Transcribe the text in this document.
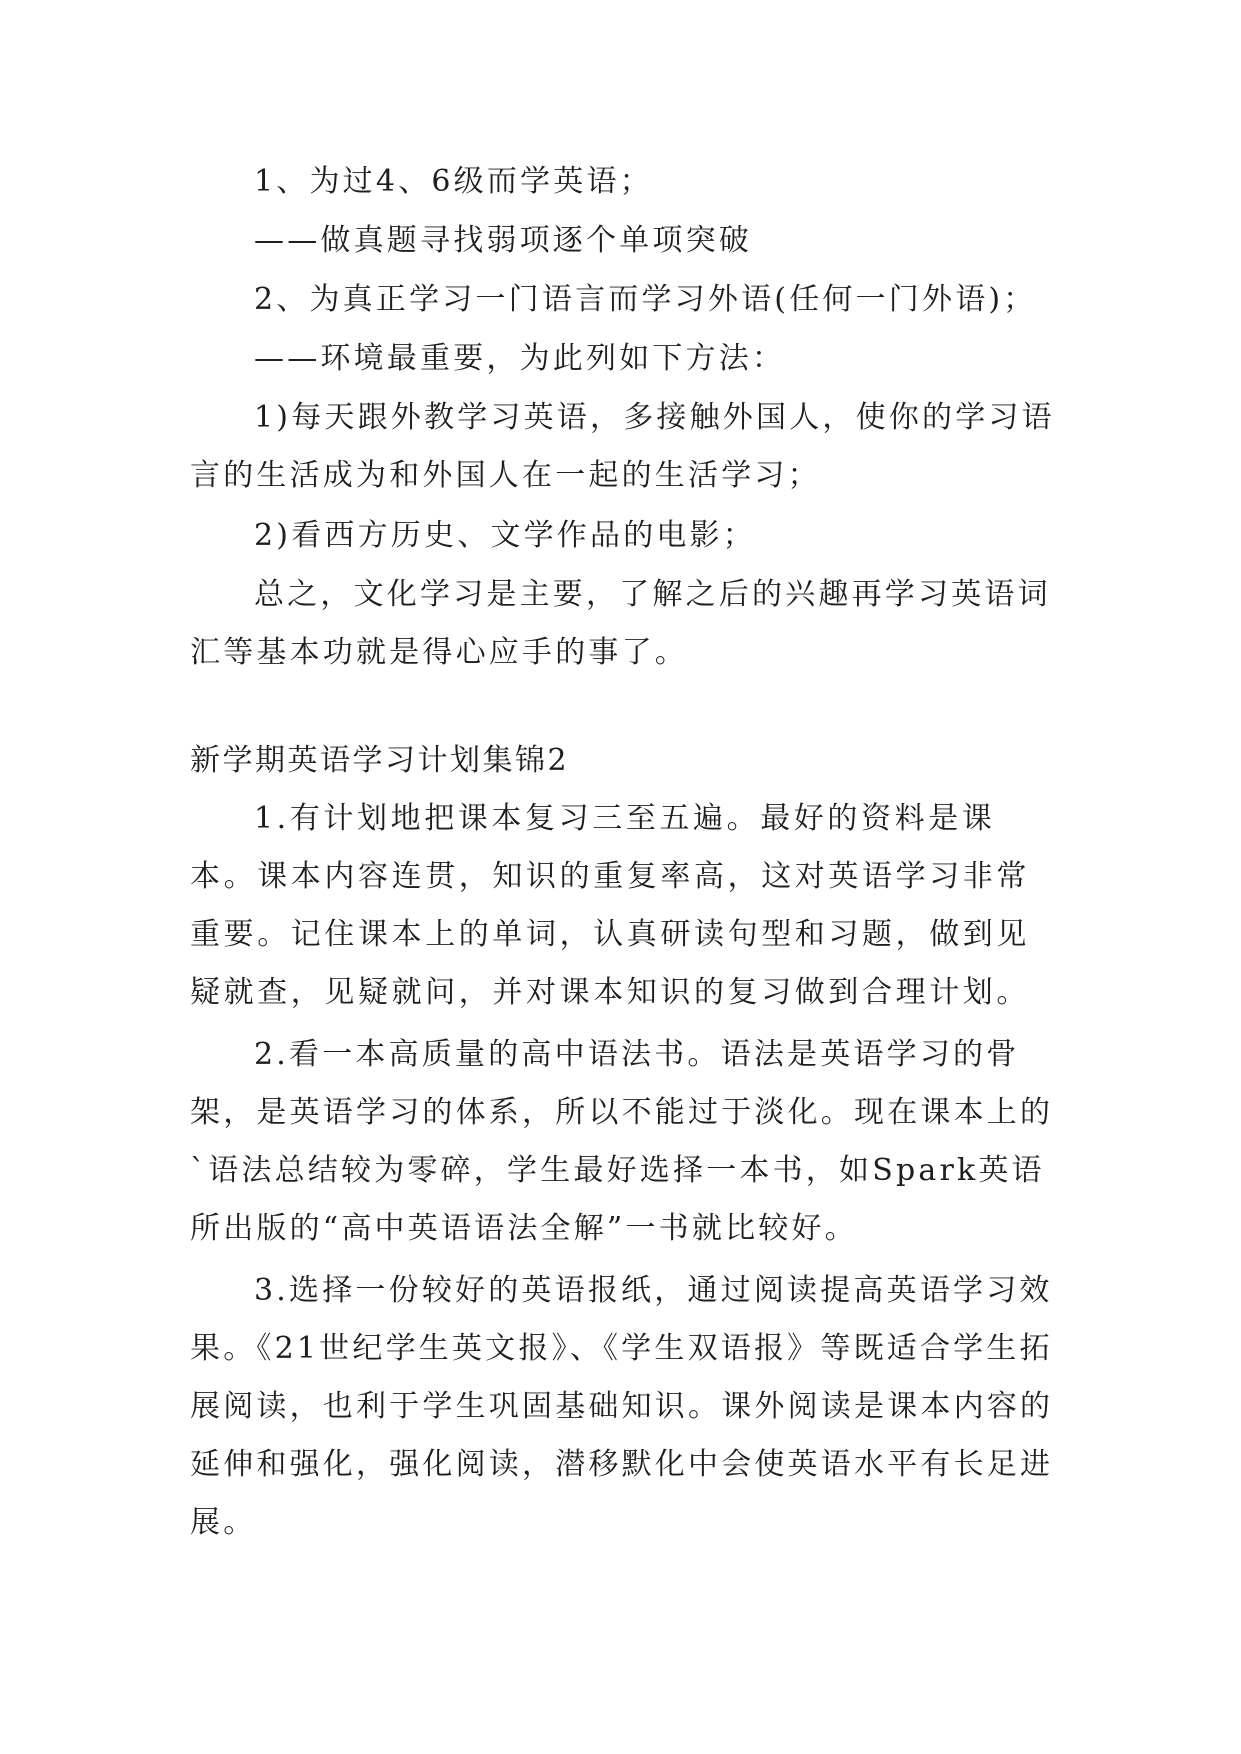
1、为过4、6级而学英语；
——做真题寻找弱项逐个单项突破
2、为真正学习一门语言而学习外语(任何一门外语)；
——环境最重要，为此列如下方法：
1)每天跟外教学习英语，多接触外国人，使你的学习语言的生活成为和外国人在一起的生活学习；
2)看西方历史、文学作品的电影；
总之，文化学习是主要，了解之后的兴趣再学习英语词汇等基本功就是得心应手的事了。
新学期英语学习计划集锦2
1.有计划地把课本复习三至五遍。最好的资料是课本。课本内容连贯，知识的重复率高，这对英语学习非常重要。记住课本上的单词，认真研读句型和习题，做到见疑就查，见疑就问，并对课本知识的复习做到合理计划。
2.看一本高质量的高中语法书。语法是英语学习的骨架，是英语学习的体系，所以不能过于淡化。现在课本上的`语法总结较为零碎，学生最好选择一本书，如Spark英语所出版的“高中英语语法全解”一书就比较好。
3.选择一份较好的英语报纸，通过阅读提高英语学习效果。《21世纪学生英文报》、《学生双语报》等既适合学生拓展阅读，也利于学生巩固基础知识。课外阅读是课本内容的延伸和强化，强化阅读，潜移默化中会使英语水平有长足进展。
